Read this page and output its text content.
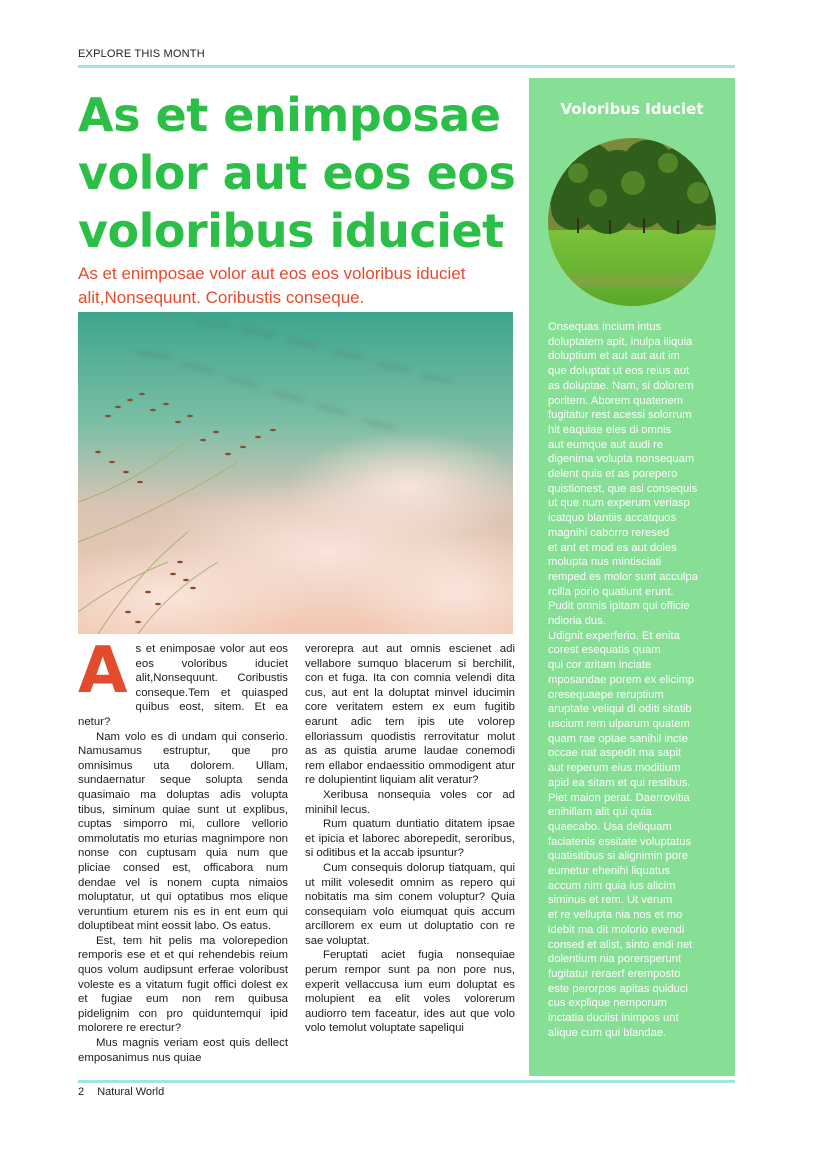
EXPLORE THIS MONTH
As et enimposae
volor aut eos eos
voloribus iduciet
As et enimposae volor aut eos eos voloribus iduciet
alit,Nonsequunt. Coribustis conseque.
A s et enimposae volor aut eos eos voloribus iduciet alit,Nonsequunt. Coribustis conseque.Tem et quiasped quibus eost, sitem. Et ea netur?

Nam volo es di undam qui conserio. Namusamus estruptur, que pro omnisimus uta dolorem. Ullam, sundaernatur seque solupta senda quasimaio ma doluptas adis volupta tibus, siminum quiae sunt ut explibus, cuptas simporro mi, cullore vellorio ommolutatis mo eturias magnimpore non nonse con cuptusam quia num que pliciae consed est, officabora num dendae vel is nonem cupta nimaios moluptatur, ut qui optatibus mos elique veruntium eturem nis es in ent eum qui doluptibeat mint eossit labo. Os eatus.

Est, tem hit pelis ma volorepedion remporis ese et et qui rehendebis reium quos volum audipsunt erferae voloribust voleste es a vitatum fugit offici dolest ex et fugiae eum non rem quibusa pidelignim con pro quiduntemqui ipid molorere re erectur?

Mus magnis veriam eost quis dellect emposanimus nus quiae

verorepra aut aut omnis escienet adi vellabore sumquo blacerum si berchilit, con et fuga. Ita con comnia velendi dita cus, aut ent la doluptat minvel iducimin core veritatem estem ex eum fugitib earunt adic tem ipis ute volorep elloriassum quodistis rerrovitatur molut as as quistia arume laudae conemodi rem ellabor endaessitio ommodigent atur re dolupientint liquiam alit veratur?

Xeribusa nonsequia voles cor ad minihil lecus.

Rum quatum duntiatio ditatem ipsae et ipicia et laborec aborepedit, seroribus, si oditibus et la accab ipsuntur?

Cum consequis dolorup tiatquam, qui ut milit volesedit omnim as repero qui nobitatis ma sim conem voluptur? Quia consequiam volo eiumquat quis accum arcillorem ex eum ut doluptatio con re sae voluptat.

Feruptati aciet fugia nonsequiae perum rempor sunt pa non pore nus, experit vellaccusa ium eum doluptat es molupient ea elit voles volorerum audiorro tem faceatur, ides aut que volo volo temolut voluptate sapeliqui

Voloribus Iduciet
Onsequas incium intus
doluptatem apit, inulpa iliquia
doluptium et aut aut aut im
que doluptat ut eos reius aut
as doluptae. Nam, si dolorem
poritem. Aborem quatenem
fugitatur rest acessi solorrum
hit eaquiae eles di omnis
aut eumque aut audi re
digenima volupta nonsequam
delent quis et as porepero
quistionest, que asi consequis
ut que num experum veriasp
icatquo blantiis accatquos
magnihi caborro reresed
et ant et mod es aut doles
molupta nus mintisciati
remped es molor sunt acculpa
rcilla porio quatiunt erunt.
Pudit omnis ipitam qui officie
ndioria dus.
Udignit experferio. Et enita
corest esequatis quam
qui cor aritam inciate
mposandae porem ex elicimp
oresequaepe reruptium
aruptate veliqui di oditi sitatib
uscium rem ulparum quatem
quam rae optae sanihil incte
occae nat aspedit ma sapit
aut reperum eius moditium
apid ea sitam et qui restibus.
Piet maion perat. Daerrovitia
enihillam alit qui quia
quaecabo. Usa deliquam
faciatenis essitate voluptatus
quatisitibus si alignimin pore
eumetur ehenihi liquatus
accum nim quia ius alicim
siminus et rem. Ut verum
et re vellupta nia nos et mo
idebit ma dit molorio evendi
consed et alist, sinto endi net
dolentium nia porersperunt
fugitatur reraerf eremposto
este perorpos apitas quiduci
cus explique nemporum
inctatia duciist inimpos unt
alique cum qui blandae.
2 Natural World
